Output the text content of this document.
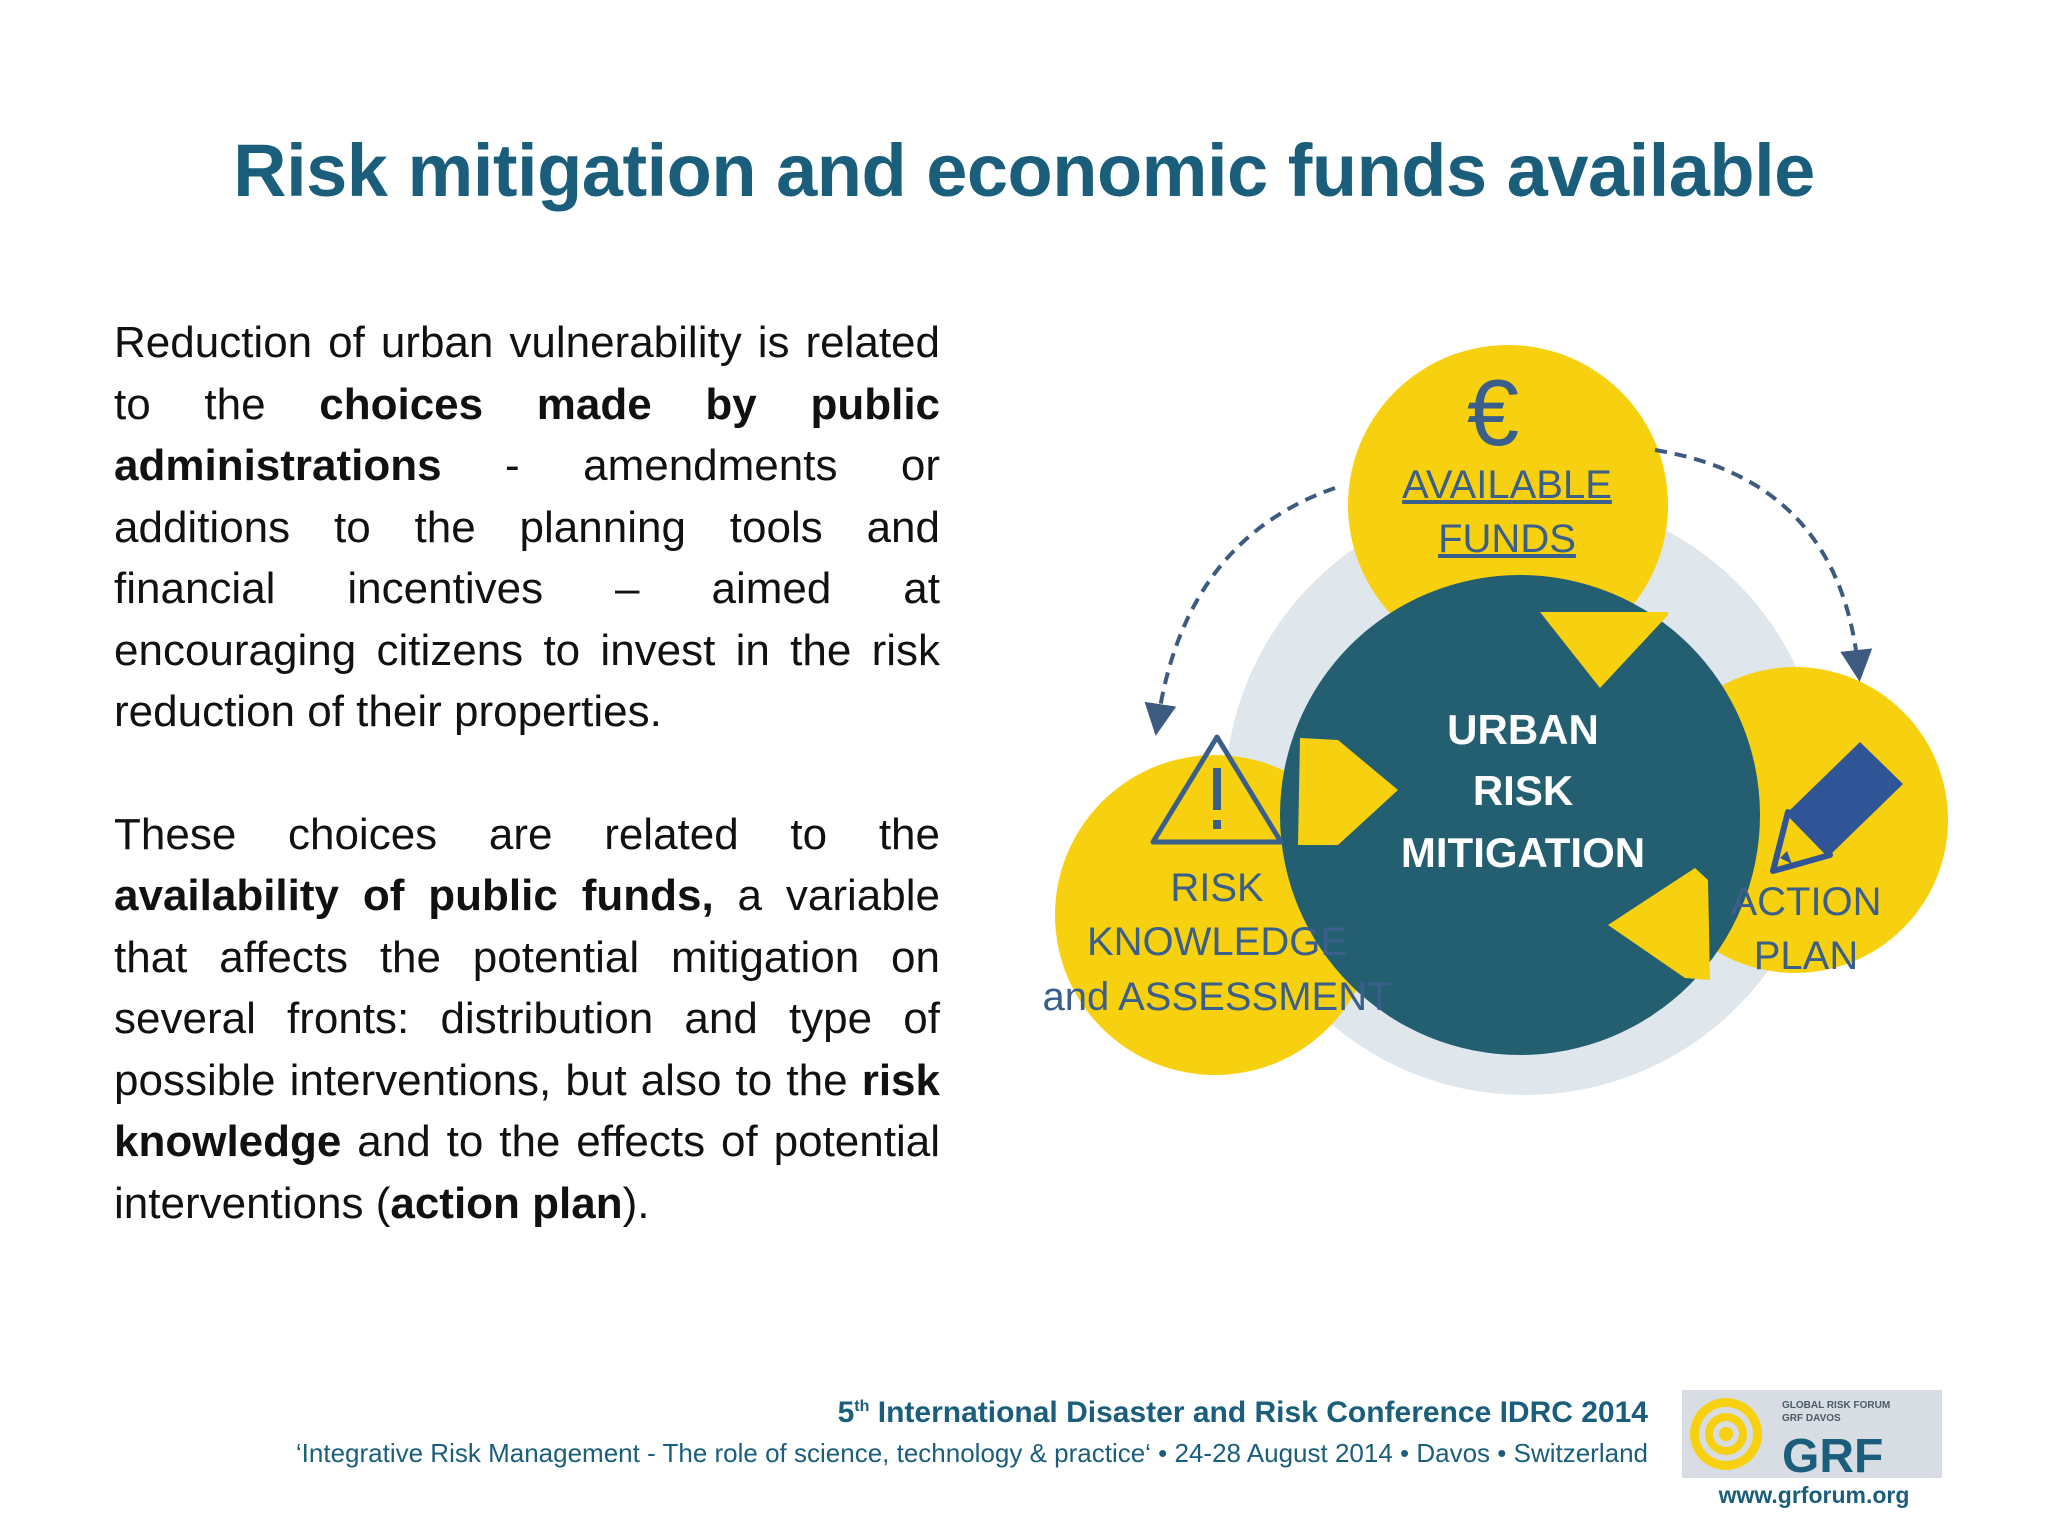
Risk mitigation and economic funds available

Reduction of urban vulnerability is related to the choices made by public administrations - amendments or additions to the planning tools and financial incentives – aimed at encouraging citizens to invest in the risk reduction of their properties.

These choices are related to the availability of public funds, a variable that affects the potential mitigation on several fronts: distribution and type of possible interventions, but also to the risk knowledge and to the effects of potential interventions (action plan).

€
AVAILABLE
FUNDS
RISK
KNOWLEDGE
and ASSESSMENT
ACTION
PLAN
URBAN
RISK
MITIGATION
5th International Disaster and Risk Conference IDRC 2014
‘Integrative Risk Management - The role of science, technology & practice‘ • 24-28 August 2014 • Davos • Switzerland
GLOBAL RISK FORUM
GRF DAVOS
GRF
www.grforum.org
